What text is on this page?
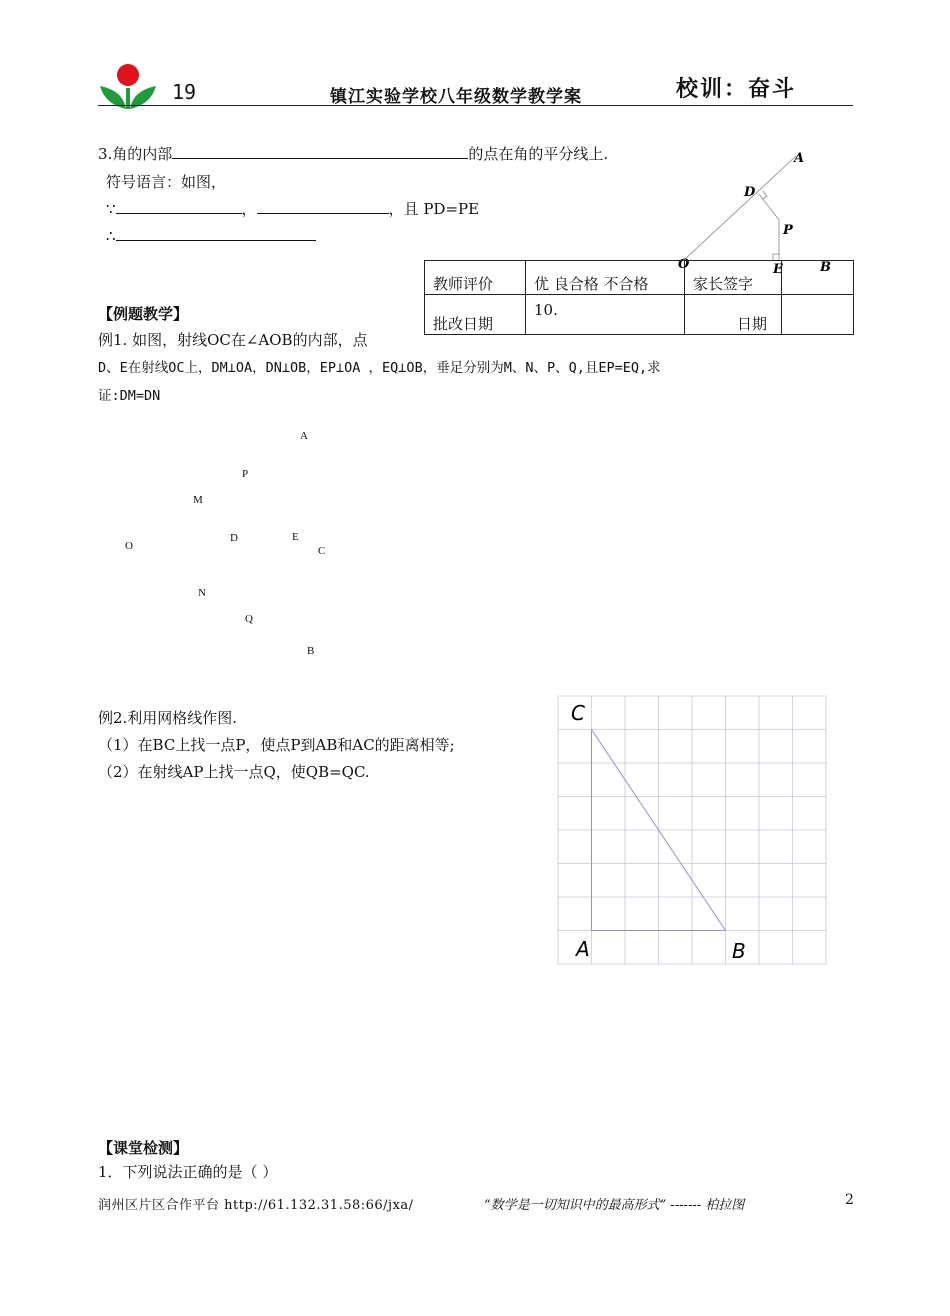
19	镇江实验学校八年级数学教学案	校训：奋斗
3.角的内部	的点在角的平分线上.
符号语言：如图，
∵	，	，且 PD=PE
∴
A
D
P
O	E	B
教师评价	优 良合格 不合格	家长签字	
批改日期	10.	日期	
【例题教学】
例1. 如图，射线OC在∠AOB的内部，点
D、E在射线OC上，DM⊥OA，DN⊥OB，EP⊥OA ，EQ⊥OB，垂足分别为M、N、P、Q,且EP=EQ,求
证:DM=DN
A
P
M
O
D	E
C
N
Q
B
例2.利用网格线作图.
（1）在BC上找一点P，使点P到AB和AC的距离相等;
（2）在射线AP上找一点Q，使QB=QC.
C
A	B
【课堂检测】
1．下列说法正确的是（ ）
润州区片区合作平台 http://61.132.31.58:66/jxa/	“数学是一切知识中的最高形式” ------- 柏拉图	2
